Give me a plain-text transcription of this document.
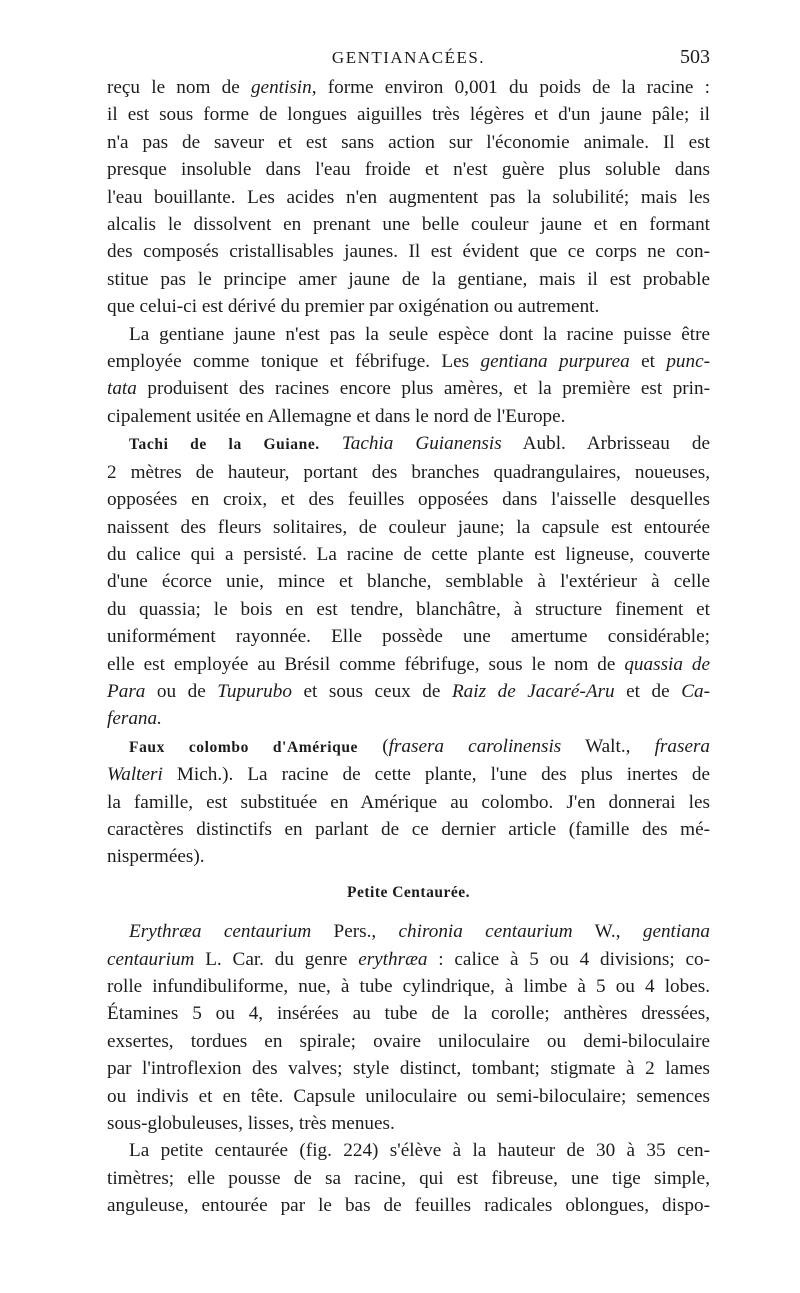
GENTIANACÉES.	503

reçu le nom de gentisin, forme environ 0,001 du poids de la racine :
il est sous forme de longues aiguilles très légères et d'un jaune pâle; il
n'a pas de saveur et est sans action sur l'économie animale. Il est
presque insoluble dans l'eau froide et n'est guère plus soluble dans
l'eau bouillante. Les acides n'en augmentent pas la solubilité; mais les
alcalis le dissolvent en prenant une belle couleur jaune et en formant
des composés cristallisables jaunes. Il est évident que ce corps ne con-
stitue pas le principe amer jaune de la gentiane, mais il est probable
que celui-ci est dérivé du premier par oxigénation ou autrement.

La gentiane jaune n'est pas la seule espèce dont la racine puisse être
employée comme tonique et fébrifuge. Les gentiana purpurea et punc-
tata produisent des racines encore plus amères, et la première est prin-
cipalement usitée en Allemagne et dans le nord de l'Europe.

Tachi de la Guiane. Tachia Guianensis Aubl. Arbrisseau de
2 mètres de hauteur, portant des branches quadrangulaires, noueuses,
opposées en croix, et des feuilles opposées dans l'aisselle desquelles
naissent des fleurs solitaires, de couleur jaune; la capsule est entourée
du calice qui a persisté. La racine de cette plante est ligneuse, couverte
d'une écorce unie, mince et blanche, semblable à l'extérieur à celle
du quassia; le bois en est tendre, blanchâtre, à structure finement et
uniformément rayonnée. Elle possède une amertume considérable;
elle est employée au Brésil comme fébrifuge, sous le nom de quassia de
Para ou de Tupurubo et sous ceux de Raiz de Jacaré-Aru et de Ca-
ferana.

Faux colombo d'Amérique (frasera carolinensis Walt., frasera
Walteri Mich.). La racine de cette plante, l'une des plus inertes de
la famille, est substituée en Amérique au colombo. J'en donnerai les
caractères distinctifs en parlant de ce dernier article (famille des mé-
nispermées).

Petite Centaurée.

Erythræa centaurium Pers., chironia centaurium W., gentiana
centaurium L. Car. du genre erythræa : calice à 5 ou 4 divisions; co-
rolle infundibuliforme, nue, à tube cylindrique, à limbe à 5 ou 4 lobes.
Étamines 5 ou 4, insérées au tube de la corolle; anthères dressées,
exsertes, tordues en spirale; ovaire uniloculaire ou demi-biloculaire
par l'introflexion des valves; style distinct, tombant; stigmate à 2 lames
ou indivis et en tête. Capsule uniloculaire ou semi-biloculaire; semences
sous-globuleuses, lisses, très menues.

La petite centaurée (fig. 224) s'élève à la hauteur de 30 à 35 cen-
timètres; elle pousse de sa racine, qui est fibreuse, une tige simple,
anguleuse, entourée par le bas de feuilles radicales oblongues, dispo-
